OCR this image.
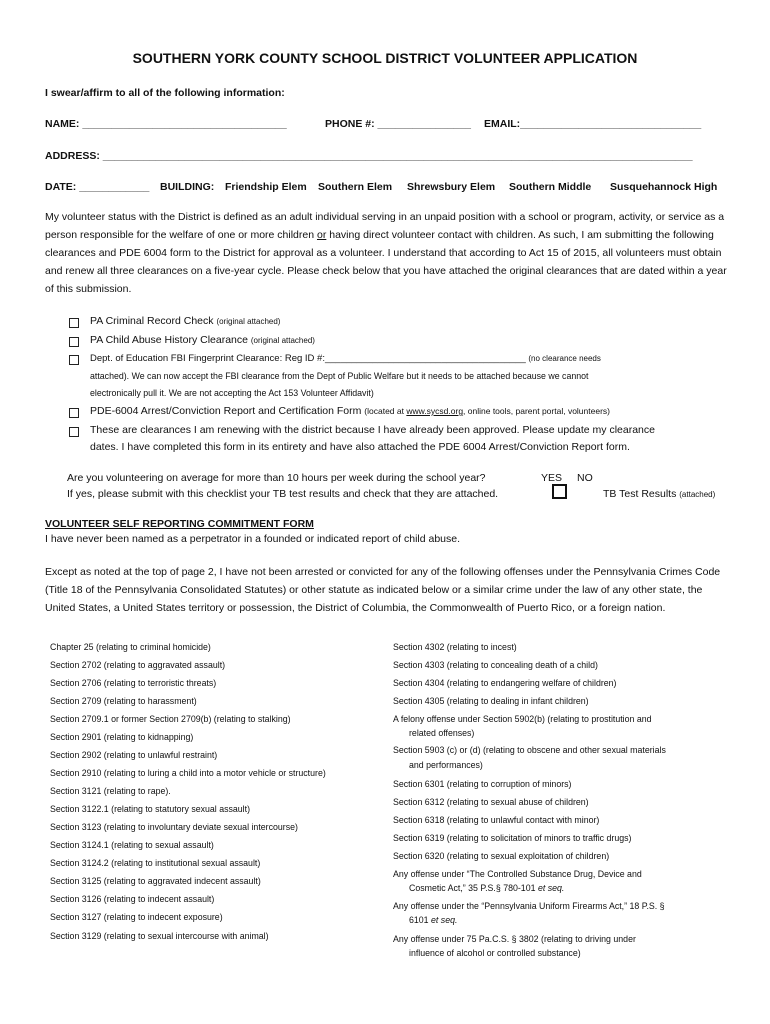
SOUTHERN YORK COUNTY SCHOOL DISTRICT VOLUNTEER APPLICATION
I swear/affirm to all of the following information:
NAME: ___________________________________	PHONE #: ________________ EMAIL:_______________________________
ADDRESS: _____________________________________________________________________________________________________
DATE: ____________ BUILDING: Friendship Elem Southern Elem Shrewsbury Elem Southern Middle Susquehannock High
My volunteer status with the District is defined as an adult individual serving in an unpaid position with a school or program, activity, or service as a person responsible for the welfare of one or more children or having direct volunteer contact with children. As such, I am submitting the following clearances and PDE 6004 form to the District for approval as a volunteer. I understand that according to Act 15 of 2015, all volunteers must obtain and renew all three clearances on a five-year cycle. Please check below that you have attached the original clearances that are dated within a year of this submission.
PA Criminal Record Check (original attached)
PA Child Abuse History Clearance (original attached)
Dept. of Education FBI Fingerprint Clearance: Reg ID #:______________________________________ (no clearance needs
attached). We can now accept the FBI clearance from the Dept of Public Welfare but it needs to be attached because we cannot
electronically pull it. We are not accepting the Act 153 Volunteer Affidavit)
PDE-6004 Arrest/Conviction Report and Certification Form (located at www.sycsd.org, online tools, parent portal, volunteers)
These are clearances I am renewing with the district because I have already been approved. Please update my clearance
dates. I have completed this form in its entirety and have also attached the PDE 6004 Arrest/Conviction Report form.
Are you volunteering on average for more than 10 hours per week during the school year?	YES NO
If yes, please submit with this checklist your TB test results and check that they are attached.	TB Test Results (attached)
VOLUNTEER SELF REPORTING COMMITMENT FORM
I have never been named as a perpetrator in a founded or indicated report of child abuse.
Except as noted at the top of page 2, I have not been arrested or convicted for any of the following offenses under the Pennsylvania Crimes Code (Title 18 of the Pennsylvania Consolidated Statutes) or other statute as indicated below or a similar crime under the law of any other state, the United States, a United States territory or possession, the District of Columbia, the Commonwealth of Puerto Rico, or a foreign nation.
Chapter 25 (relating to criminal homicide)
Section 2702 (relating to aggravated assault)
Section 2706 (relating to terroristic threats)
Section 2709 (relating to harassment)
Section 2709.1 or former Section 2709(b) (relating to stalking)
Section 2901 (relating to kidnapping)
Section 2902 (relating to unlawful restraint)
Section 2910 (relating to luring a child into a motor vehicle or structure)
Section 3121 (relating to rape).
Section 3122.1 (relating to statutory sexual assault)
Section 3123 (relating to involuntary deviate sexual intercourse)
Section 3124.1 (relating to sexual assault)
Section 3124.2 (relating to institutional sexual assault)
Section 3125 (relating to aggravated indecent assault)
Section 3126 (relating to indecent assault)
Section 3127 (relating to indecent exposure)
Section 3129 (relating to sexual intercourse with animal)
Section 4302 (relating to incest)
Section 4303 (relating to concealing death of a child)
Section 4304 (relating to endangering welfare of children)
Section 4305 (relating to dealing in infant children)
A felony offense under Section 5902(b) (relating to prostitution and
related offenses)
Section 5903 (c) or (d) (relating to obscene and other sexual materials
and performances)
Section 6301 (relating to corruption of minors)
Section 6312 (relating to sexual abuse of children)
Section 6318 (relating to unlawful contact with minor)
Section 6319 (relating to solicitation of minors to traffic drugs)
Section 6320 (relating to sexual exploitation of children)
Any offense under “The Controlled Substance Drug, Device and
Cosmetic Act,” 35 P.S.§ 780-101 et seq.
Any offense under the “Pennsylvania Uniform Firearms Act,” 18 P.S. §
6101 et seq.
Any offense under 75 Pa.C.S. § 3802 (relating to driving under
influence of alcohol or controlled substance)
